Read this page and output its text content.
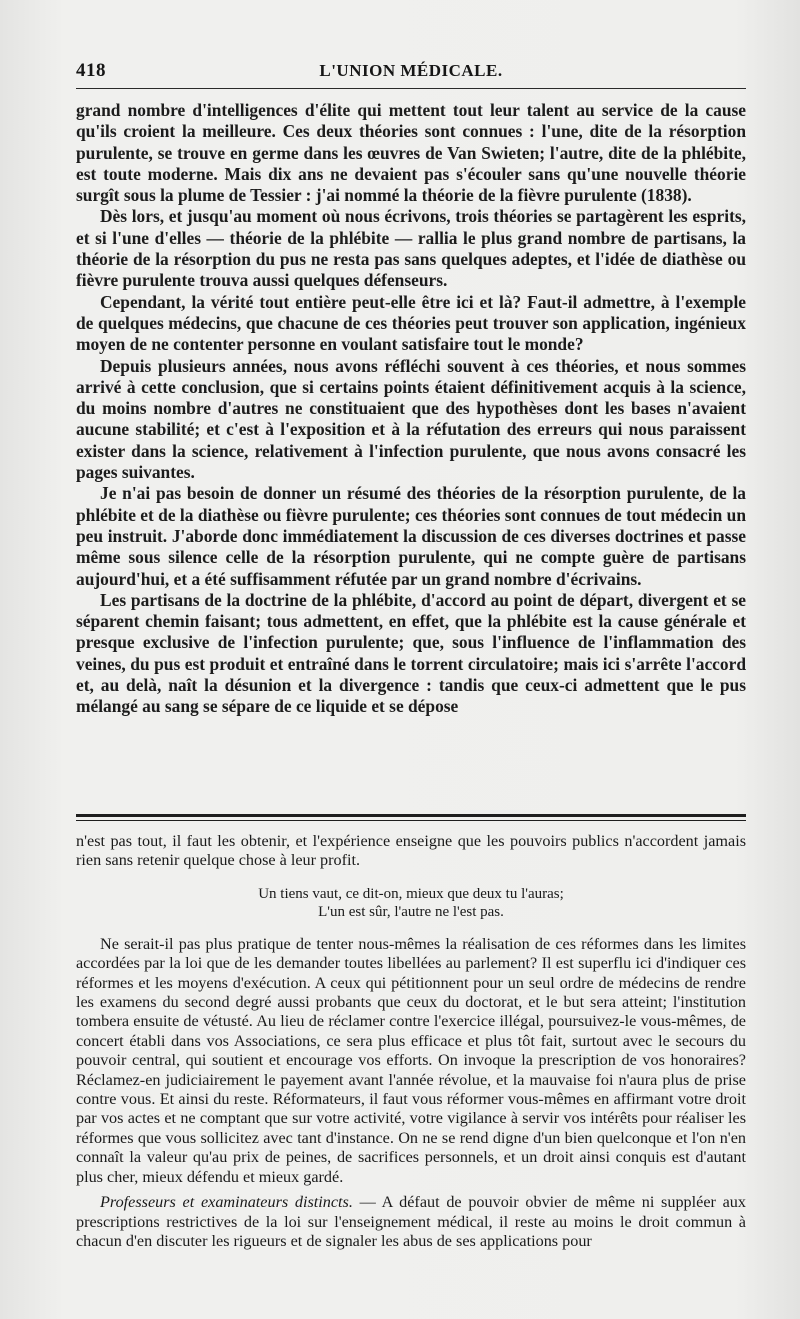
418	L'UNION MÉDICALE.

grand nombre d'intelligences d'élite qui mettent tout leur talent au service de la cause qu'ils croient la meilleure. Ces deux théories sont connues : l'une, dite de la résorption purulente, se trouve en germe dans les œuvres de Van Swieten; l'autre, dite de la phlébite, est toute moderne. Mais dix ans ne devaient pas s'écouler sans qu'une nouvelle théorie surgît sous la plume de Tessier : j'ai nommé la théorie de la fièvre purulente (1838).

Dès lors, et jusqu'au moment où nous écrivons, trois théories se partagèrent les esprits, et si l'une d'elles — théorie de la phlébite — rallia le plus grand nombre de partisans, la théorie de la résorption du pus ne resta pas sans quelques adeptes, et l'idée de diathèse ou fièvre purulente trouva aussi quelques défenseurs.

Cependant, la vérité tout entière peut-elle être ici et là? Faut-il admettre, à l'exemple de quelques médecins, que chacune de ces théories peut trouver son application, ingénieux moyen de ne contenter personne en voulant satisfaire tout le monde?

Depuis plusieurs années, nous avons réfléchi souvent à ces théories, et nous sommes arrivé à cette conclusion, que si certains points étaient définitivement acquis à la science, du moins nombre d'autres ne constituaient que des hypothèses dont les bases n'avaient aucune stabilité; et c'est à l'exposition et à la réfutation des erreurs qui nous paraissent exister dans la science, relativement à l'infection purulente, que nous avons consacré les pages suivantes.

Je n'ai pas besoin de donner un résumé des théories de la résorption purulente, de la phlébite et de la diathèse ou fièvre purulente; ces théories sont connues de tout médecin un peu instruit. J'aborde donc immédiatement la discussion de ces diverses doctrines et passe même sous silence celle de la résorption purulente, qui ne compte guère de partisans aujourd'hui, et a été suffisamment réfutée par un grand nombre d'écrivains.

Les partisans de la doctrine de la phlébite, d'accord au point de départ, divergent et se séparent chemin faisant; tous admettent, en effet, que la phlébite est la cause générale et presque exclusive de l'infection purulente; que, sous l'influence de l'inflammation des veines, du pus est produit et entraîné dans le torrent circulatoire; mais ici s'arrête l'accord et, au delà, naît la désunion et la divergence : tandis que ceux-ci admettent que le pus mélangé au sang se sépare de ce liquide et se dépose

n'est pas tout, il faut les obtenir, et l'expérience enseigne que les pouvoirs publics n'accordent jamais rien sans retenir quelque chose à leur profit.

Un tiens vaut, ce dit-on, mieux que deux tu l'auras;
L'un est sûr, l'autre ne l'est pas.

Ne serait-il pas plus pratique de tenter nous-mêmes la réalisation de ces réformes dans les limites accordées par la loi que de les demander toutes libellées au parlement? Il est superflu ici d'indiquer ces réformes et les moyens d'exécution. A ceux qui pétitionnent pour un seul ordre de médecins de rendre les examens du second degré aussi probants que ceux du doctorat, et le but sera atteint; l'institution tombera ensuite de vétusté. Au lieu de réclamer contre l'exercice illégal, poursuivez-le vous-mêmes, de concert établi dans vos Associations, ce sera plus efficace et plus tôt fait, surtout avec le secours du pouvoir central, qui soutient et encourage vos efforts. On invoque la prescription de vos honoraires? Réclamez-en judiciairement le payement avant l'année révolue, et la mauvaise foi n'aura plus de prise contre vous. Et ainsi du reste. Réformateurs, il faut vous réformer vous-mêmes en affirmant votre droit par vos actes et ne comptant que sur votre activité, votre vigilance à servir vos intérêts pour réaliser les réformes que vous sollicitez avec tant d'instance. On ne se rend digne d'un bien quelconque et l'on n'en connaît la valeur qu'au prix de peines, de sacrifices personnels, et un droit ainsi conquis est d'autant plus cher, mieux défendu et mieux gardé.

Professeurs et examinateurs distincts. — A défaut de pouvoir obvier de même ni suppléer aux prescriptions restrictives de la loi sur l'enseignement médical, il reste au moins le droit commun à chacun d'en discuter les rigueurs et de signaler les abus de ses applications pour
